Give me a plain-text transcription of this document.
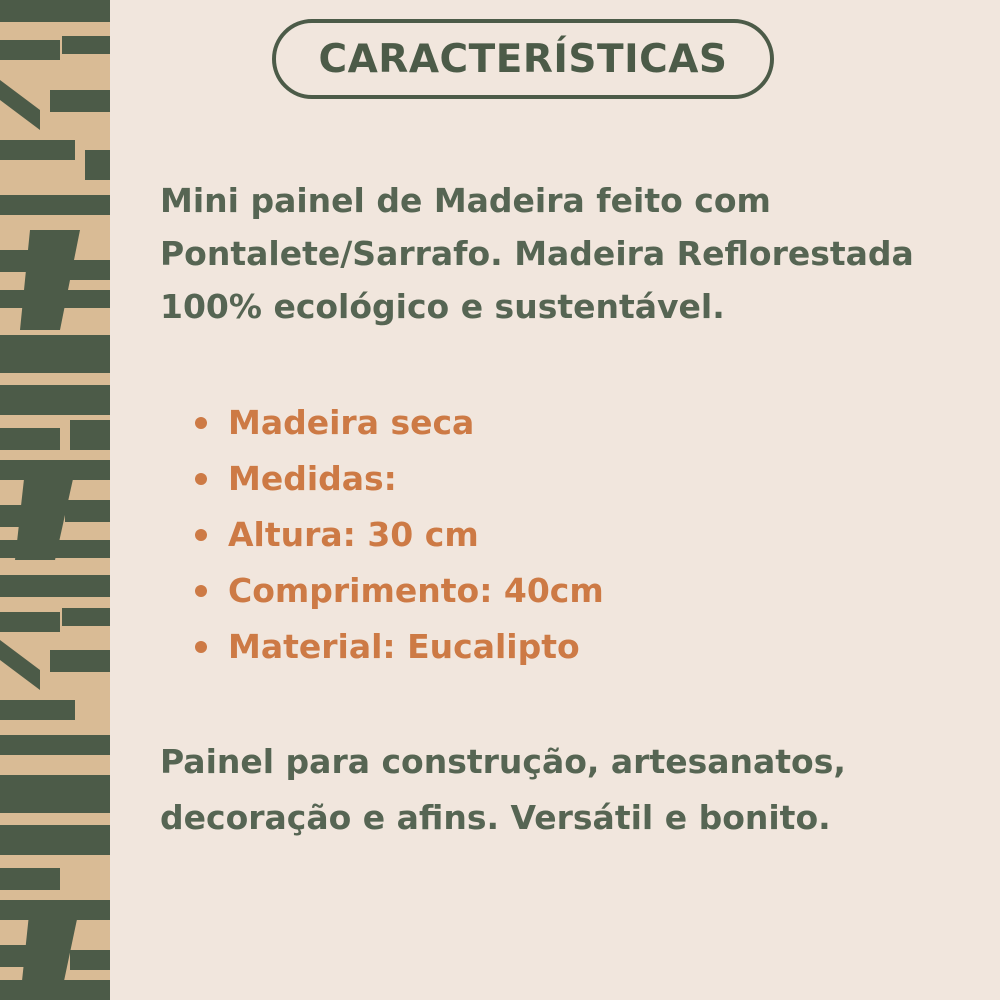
CARACTERÍSTICAS

Mini painel de Madeira feito com Pontalete/Sarrafo. Madeira Reflorestada 100% ecológico e sustentável.

Madeira seca
Medidas:
Altura: 30 cm
Comprimento: 40cm
Material: Eucalipto

Painel para construção, artesanatos, decoração e afins. Versátil e bonito.
